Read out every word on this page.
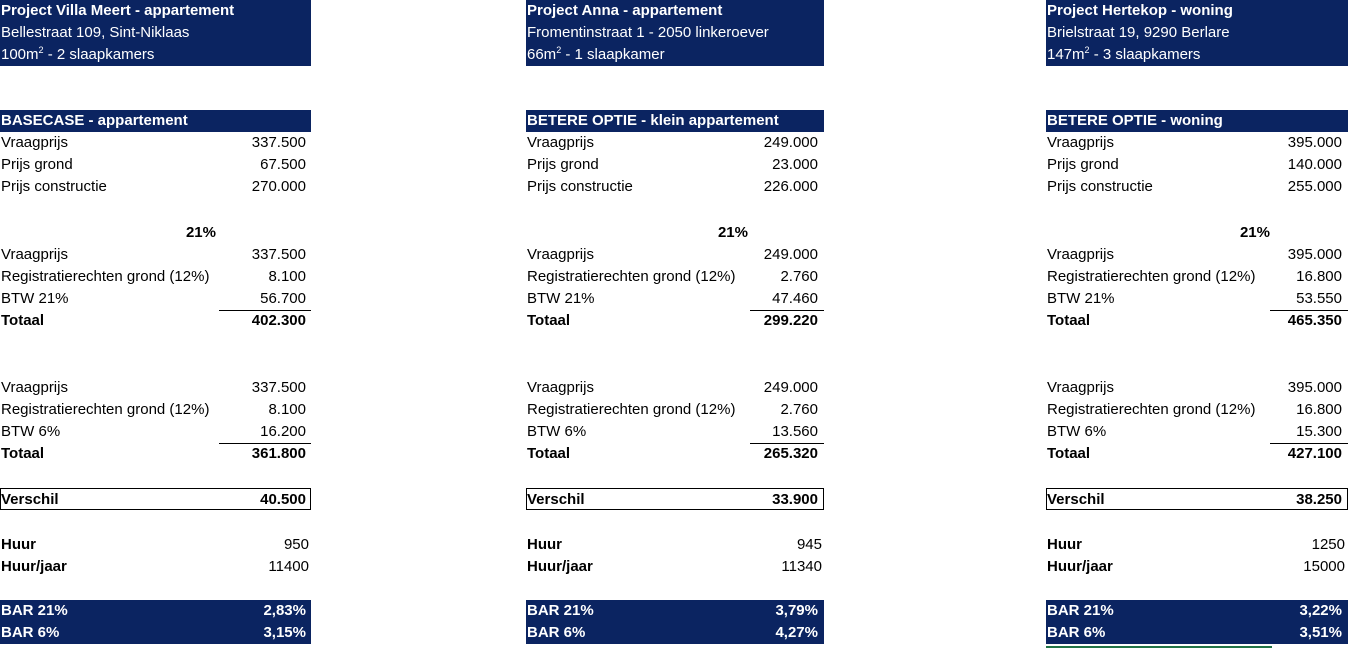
Project Villa Meert - appartement
Bellestraat 109, Sint-Niklaas
$100m^2 - 2$ slaapkamers
BASECASE - appartement
Vraagprijs	337.500
Prijs grond	67.500
Prijs constructie	270.000
21%
Vraagprijs	337.500
Registratierechten grond (12%)	8.100
BTW 21%	56.700
Totaal	402.300
Vraagprijs	337.500
Registratierechten grond (12%)	8.100
BTW 6%	16.200
Totaal	361.800
Verschil	40.500
Huur	950
Huur/jaar	11400
BAR 21%	2,83%
BAR 6%	3,15%
Project Anna - appartement
Fromentinstraat 1 - 2050 linkeroever
$66m^2 - 1$ slaapkamer
BETERE OPTIE - klein appartement
Vraagprijs	249.000
Prijs grond	23.000
Prijs constructie	226.000
21%
Vraagprijs	249.000
Registratierechten grond (12%)	2.760
BTW 21%	47.460
Totaal	299.220
Vraagprijs	249.000
Registratierechten grond (12%)	2.760
BTW 6%	13.560
Totaal	265.320
Verschil	33.900
Huur	945
Huur/jaar	11340
BAR 21%	3,79%
BAR 6%	4,27%
Project Hertekop - woning
Brielstraat 19, 9290 Berlare
$147m^2 - 3$ slaapkamers
BETERE OPTIE - woning
Vraagprijs	395.000
Prijs grond	140.000
Prijs constructie	255.000
21%
Vraagprijs	395.000
Registratierechten grond (12%)	16.800
BTW 21%	53.550
Totaal	465.350
Vraagprijs	395.000
Registratierechten grond (12%)	16.800
BTW 6%	15.300
Totaal	427.100
Verschil	38.250
Huur	1250
Huur/jaar	15000
BAR 21%	3,22%
BAR 6%	3,51%
